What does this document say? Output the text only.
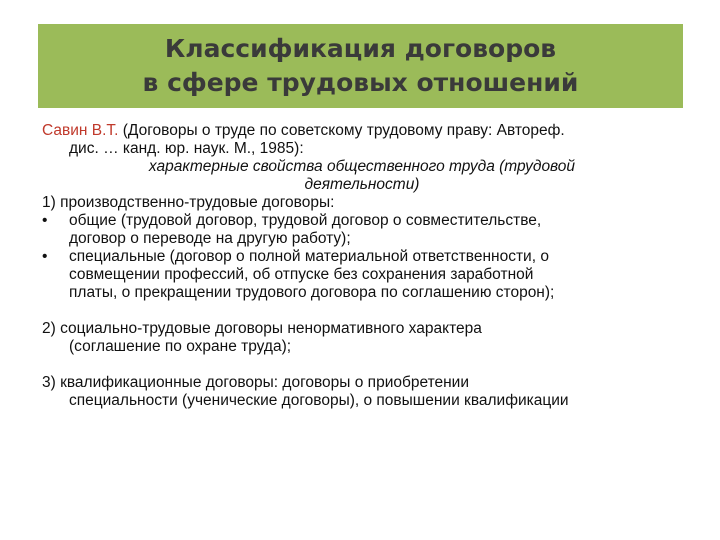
Классификация договоров
в сфере трудовых отношений

Савин В.Т. (Договоры о труде по советскому трудовому праву: Автореф.

дис. … канд. юр. наук. М., 1985):

характерные свойства общественного труда (трудовой

деятельности)

1) производственно-трудовые договоры:

•	общие (трудовой договор, трудовой договор о совместительстве,

договор о переводе на другую работу);

•	специальные (договор о полной материальной ответственности, о

совмещении профессий, об отпуске без сохранения заработной

платы, о прекращении трудового договора по соглашению сторон);

2) социально-трудовые договоры ненормативного характера

(соглашение по охране труда);

3) квалификационные договоры: договоры о приобретении

специальности (ученические договоры), о повышении квалификации
